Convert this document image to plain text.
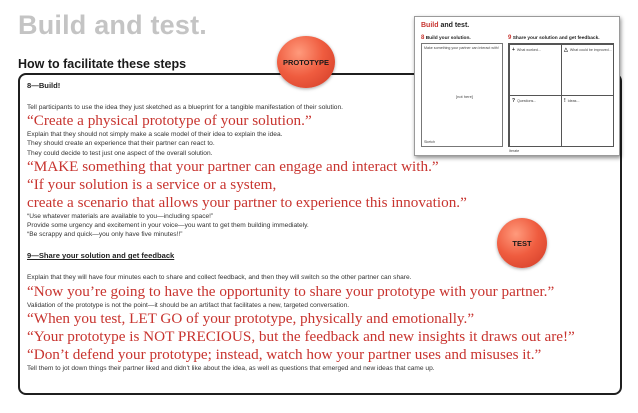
Build and test.
How to facilitate these steps
8—Build!
Tell participants to use the idea they just sketched as a blueprint for a tangible manifestation of their solution.
“Create a physical prototype of your solution.”
Explain that they should not simply make a scale model of their idea to explain the idea.
They should create an experience that their partner can react to.
They could decide to test just one aspect of the overall solution.
“MAKE something that your partner can engage and interact with.”
“If your solution is a service or a system,
create a scenario that allows your partner to experience this innovation.”
“Use whatever materials are available to you—including space!”
Provide some urgency and excitement in your voice—you want to get them building immediately.
“Be scrappy and quick—you only have five minutes!!”
9—Share your solution and get feedback
Explain that they will have four minutes each to share and collect feedback, and then they will switch so the other partner can share.
“Now you’re going to have the opportunity to share your prototype with your partner.”
Validation of the prototype is not the point—it should be an artifact that facilitates a new, targeted conversation.
“When you test, LET GO of your prototype, physically and emotionally.”
“Your prototype is NOT PRECIOUS, but the feedback and new insights it draws out are!”
“Don’t defend your prototype; instead, watch how your partner uses and misuses it.”
Tell them to jot down things their partner liked and didn’t like about the idea, as well as questions that emerged and new ideas that came up.
PROTOTYPE
TEST
Build and test.
8 Build your solution.
Make something your partner can interact with!
[not here]
Sketch
9 Share your solution and get feedback.
+ What worked...	△ What could be improved...
? Questions...	! Ideas...
Iterate
